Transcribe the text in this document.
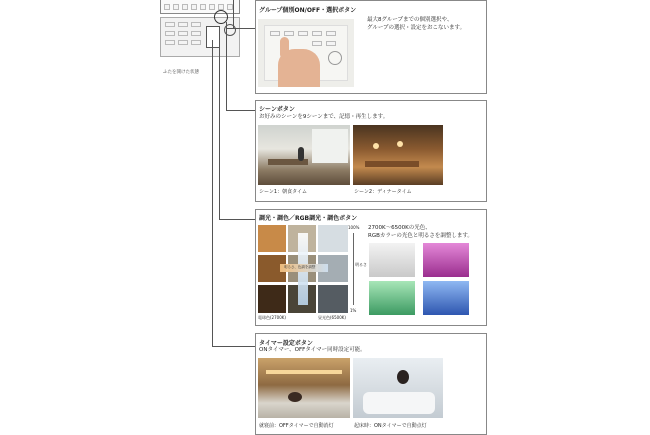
ふたを開けた状態
グループ個別ON/OFF・選択ボタン
最大8グループまでの個別選択や、
グループの選択・設定をおこないます。
シーンボタン
お好みのシーンを9シーンまで、記憶・再生します。
シーン1：朝食タイム	シーン2：ディナータイム
調光・調色／RGB調光・調色ボタン
2700K〜6500Kの光色、
RGBカラーの光色と明るさを調整します。
明るさ、色調を調整
100%
明るさ
1%
電球色(2700K)	昼光色(6500K)
タイマー設定ボタン
ONタイマー、OFFタイマー同時設定可能。
就寝前：OFFタイマーで自動消灯	起床時：ONタイマーで自動点灯
